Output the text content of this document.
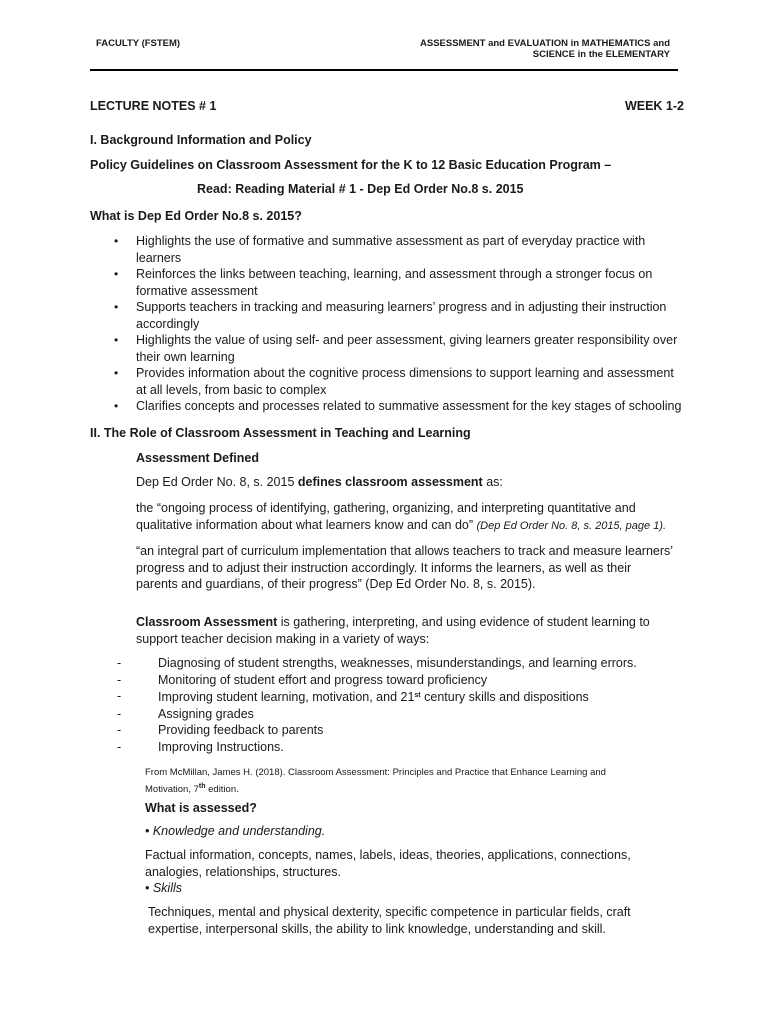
FACULTY (FSTEM)	ASSESSMENT and EVALUATION in MATHEMATICS and
SCIENCE in the ELEMENTARY
LECTURE NOTES # 1	WEEK 1-2
I. Background Information and Policy
Policy Guidelines on Classroom Assessment for the K to 12 Basic Education Program –
Read: Reading Material # 1 - Dep Ed Order No.8 s. 2015
What is Dep Ed Order No.8 s. 2015?
• Highlights the use of formative and summative assessment as part of everyday practice with learners
• Reinforces the links between teaching, learning, and assessment through a stronger focus on formative assessment
• Supports teachers in tracking and measuring learners’ progress and in adjusting their instruction accordingly
• Highlights the value of using self- and peer assessment, giving learners greater responsibility over their own learning
• Provides information about the cognitive process dimensions to support learning and assessment at all levels, from basic to complex
• Clarifies concepts and processes related to summative assessment for the key stages of schooling
II. The Role of Classroom Assessment in Teaching and Learning
Assessment Defined
Dep Ed Order No. 8, s. 2015 defines classroom assessment as:
the “ongoing process of identifying, gathering, organizing, and interpreting quantitative and qualitative information about what learners know and can do” (Dep Ed Order No. 8, s. 2015, page 1).
“an integral part of curriculum implementation that allows teachers to track and measure learners’ progress and to adjust their instruction accordingly. It informs the learners, as well as their parents and guardians, of their progress” (Dep Ed Order No. 8, s. 2015).
Classroom Assessment is gathering, interpreting, and using evidence of student learning to support teacher decision making in a variety of ways:
- Diagnosing of student strengths, weaknesses, misunderstandings, and learning errors.
- Monitoring of student effort and progress toward proficiency
- Improving student learning, motivation, and 21st century skills and dispositions
- Assigning grades
- Providing feedback to parents
- Improving Instructions.
From McMillan, James H. (2018). Classroom Assessment: Principles and Practice that Enhance Learning and
Motivation, 7th edition.
What is assessed?
• Knowledge and understanding.
Factual information, concepts, names, labels, ideas, theories, applications, connections, analogies, relationships, structures.
• Skills
Techniques, mental and physical dexterity, specific competence in particular fields, craft expertise, interpersonal skills, the ability to link knowledge, understanding and skill.
